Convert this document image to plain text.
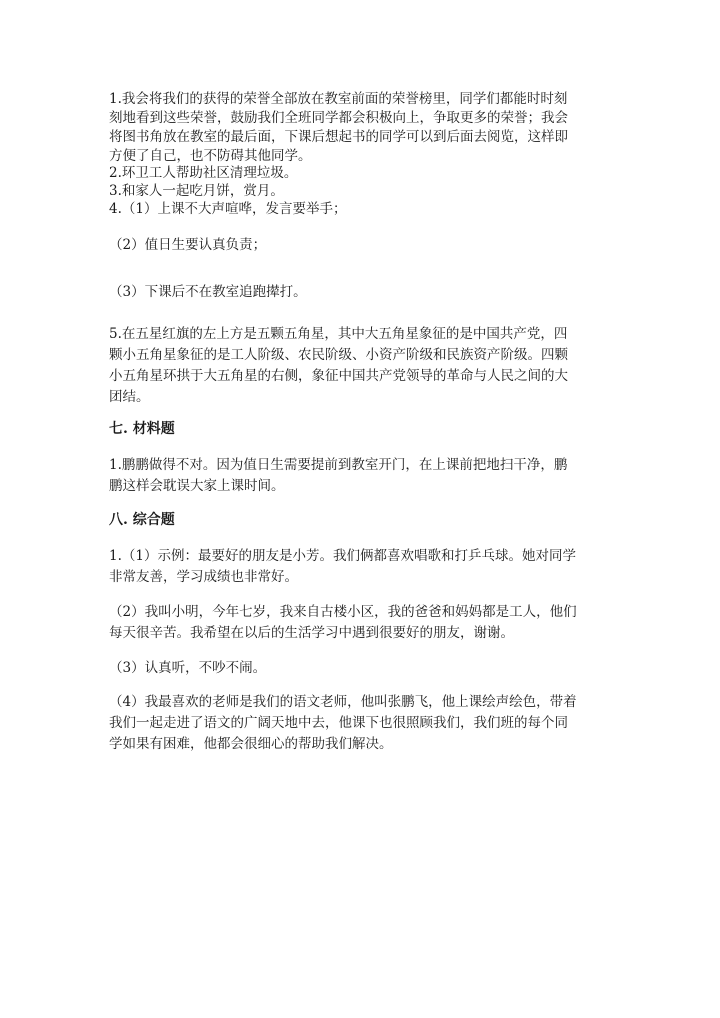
1.我会将我们的获得的荣誉全部放在教室前面的荣誉榜里，同学们都能时时刻
刻地看到这些荣誉，鼓励我们全班同学都会积极向上，争取更多的荣誉；我会
将图书角放在教室的最后面，下课后想起书的同学可以到后面去阅览，这样即
方便了自己，也不防碍其他同学。
2.环卫工人帮助社区清理垃圾。
3.和家人一起吃月饼，赏月。
4.（1）上课不大声喧哗，发言要举手；
（2）值日生要认真负责；
（3）下课后不在教室追跑撵打。
5.在五星红旗的左上方是五颗五角星，其中大五角星象征的是中国共产党，四
颗小五角星象征的是工人阶级、农民阶级、小资产阶级和民族资产阶级。四颗
小五角星环拱于大五角星的右侧，象征中国共产党领导的革命与人民之间的大
团结。
七. 材料题
1.鹏鹏做得不对。因为值日生需要提前到教室开门，在上课前把地扫干净，鹏
鹏这样会耽误大家上课时间。
八. 综合题
1.（1）示例：最要好的朋友是小芳。我们俩都喜欢唱歌和打乒乓球。她对同学
非常友善，学习成绩也非常好。
（2）我叫小明，今年七岁，我来自古楼小区，我的爸爸和妈妈都是工人，他们
每天很辛苦。我希望在以后的生活学习中遇到很要好的朋友，谢谢。
（3）认真听，不吵不闹。
（4）我最喜欢的老师是我们的语文老师，他叫张鹏飞，他上课绘声绘色，带着
我们一起走进了语文的广阔天地中去，他课下也很照顾我们，我们班的每个同
学如果有困难，他都会很细心的帮助我们解决。
